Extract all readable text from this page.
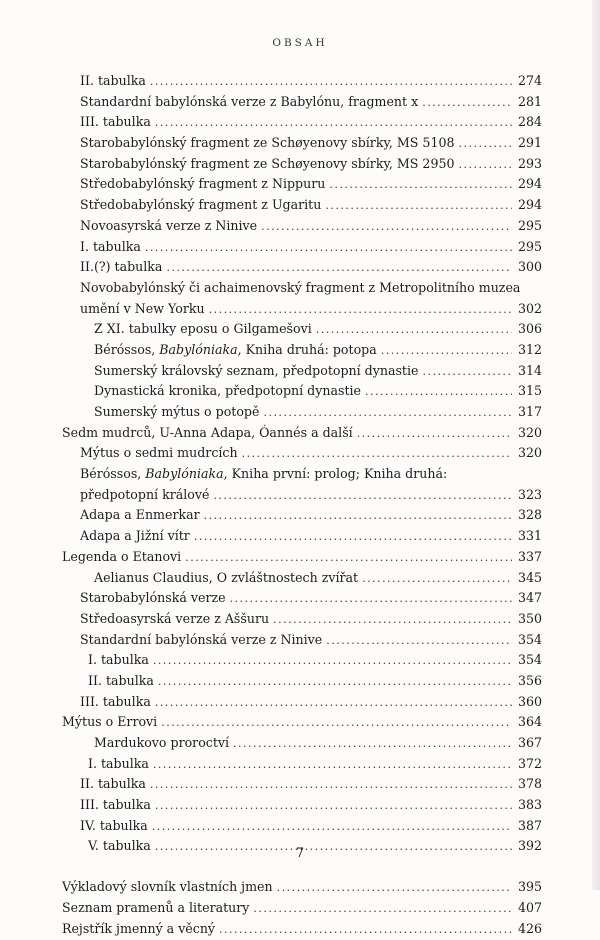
OBSAH
II. tabulka . . .	274
Standardní babylónská verze z Babylónu, fragment x . . .	281
III. tabulka . . .	284
Starobabylónský fragment ze Schøyenovy sbírky, MS 5108 . . .	291
Starobabylónský fragment ze Schøyenovy sbírky, MS 2950 . . .	293
Středobabylónský fragment z Nippuru . . .	294
Středobabylónský fragment z Ugaritu . . .	294
Novoasyrská verze z Ninive . . .	295
I. tabulka . . .	295
II.(?) tabulka . . .	300
Novobabylónský či achaimenovský fragment z Metropolitního muzea
umění v New Yorku . . .	302
Z XI. tabulky eposu o Gilgamešovi . . .	306
Béróssos, Babylóniaka, Kniha druhá: potopa . . .	312
Sumerský královský seznam, předpotopní dynastie . . .	314
Dynastická kronika, předpotopní dynastie . . .	315
Sumerský mýtus o potopě . . .	317
Sedm mudrců, U-Anna Adapa, Óannés a další . . .	320
Mýtus o sedmi mudrcích . . .	320
Béróssos, Babylóniaka, Kniha první: prolog; Kniha druhá:
předpotopní králové . . .	323
Adapa a Enmerkar . . .	328
Adapa a Jižní vítr . . .	331
Legenda o Etanovi . . .	337
Aelianus Claudius, O zvláštnostech zvířat . . .	345
Starobabylónská verze . . .	347
Středoasyrská verze z Aššuru . . .	350
Standardní babylónská verze z Ninive . . .	354
I. tabulka . . .	354
II. tabulka . . .	356
III. tabulka . . .	360
Mýtus o Errovi . . .	364
Mardukovo proroctví . . .	367
I. tabulka . . .	372
II. tabulka . . .	378
III. tabulka . . .	383
IV. tabulka . . .	387
V. tabulka . . .	392
Výkladový slovník vlastních jmen . . .	395
Seznam pramenů a literatury . . .	407
Rejstřík jmenný a věcný . . .	426
7
